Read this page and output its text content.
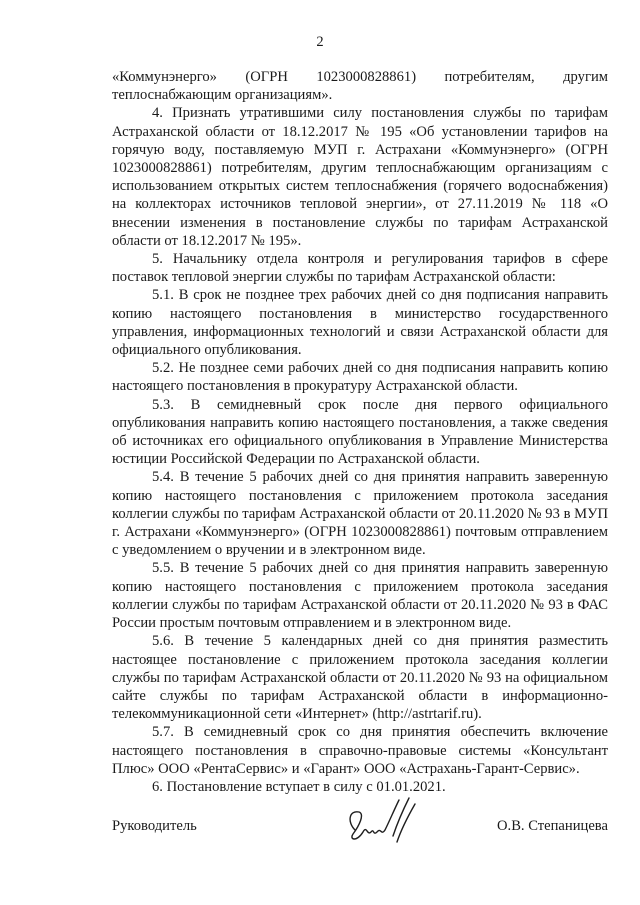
2

«Коммунэнерго» (ОГРН 1023000828861) потребителям, другим теплоснабжающим организациям».

4. Признать утратившими силу постановления службы по тарифам Астраханской области от 18.12.2017 № 195 «Об установлении тарифов на горячую воду, поставляемую МУП г. Астрахани «Коммунэнерго» (ОГРН 1023000828861) потребителям, другим теплоснабжающим организациям с использованием открытых систем теплоснабжения (горячего водоснабжения) на коллекторах источников тепловой энергии», от 27.11.2019 № 118 «О внесении изменения в постановление службы по тарифам Астраханской области от 18.12.2017 № 195».

5. Начальнику отдела контроля и регулирования тарифов в сфере поставок тепловой энергии службы по тарифам Астраханской области:

5.1. В срок не позднее трех рабочих дней со дня подписания направить копию настоящего постановления в министерство государственного управления, информационных технологий и связи Астраханской области для официального опубликования.

5.2. Не позднее семи рабочих дней со дня подписания направить копию настоящего постановления в прокуратуру Астраханской области.

5.3. В семидневный срок после дня первого официального опубликования направить копию настоящего постановления, а также сведения об источниках его официального опубликования в Управление Министерства юстиции Российской Федерации по Астраханской области.

5.4. В течение 5 рабочих дней со дня принятия направить заверенную копию настоящего постановления с приложением протокола заседания коллегии службы по тарифам Астраханской области от 20.11.2020 № 93 в МУП г. Астрахани «Коммунэнерго» (ОГРН 1023000828861) почтовым отправлением с уведомлением о вручении и в электронном виде.

5.5. В течение 5 рабочих дней со дня принятия направить заверенную копию настоящего постановления с приложением протокола заседания коллегии службы по тарифам Астраханской области от 20.11.2020 № 93 в ФАС России простым почтовым отправлением и в электронном виде.

5.6. В течение 5 календарных дней со дня принятия разместить настоящее постановление с приложением протокола заседания коллегии службы по тарифам Астраханской области от 20.11.2020 № 93 на официальном сайте службы по тарифам Астраханской области в информационно-телекоммуникационной сети «Интернет» (http://astrtarif.ru).

5.7. В семидневный срок со дня принятия обеспечить включение настоящего постановления в справочно-правовые системы «Консультант Плюс» ООО «РентаСервис» и «Гарант» ООО «Астрахань-Гарант-Сервис».

6. Постановление вступает в силу с 01.01.2021.

Руководитель	О.В. Степаницева
